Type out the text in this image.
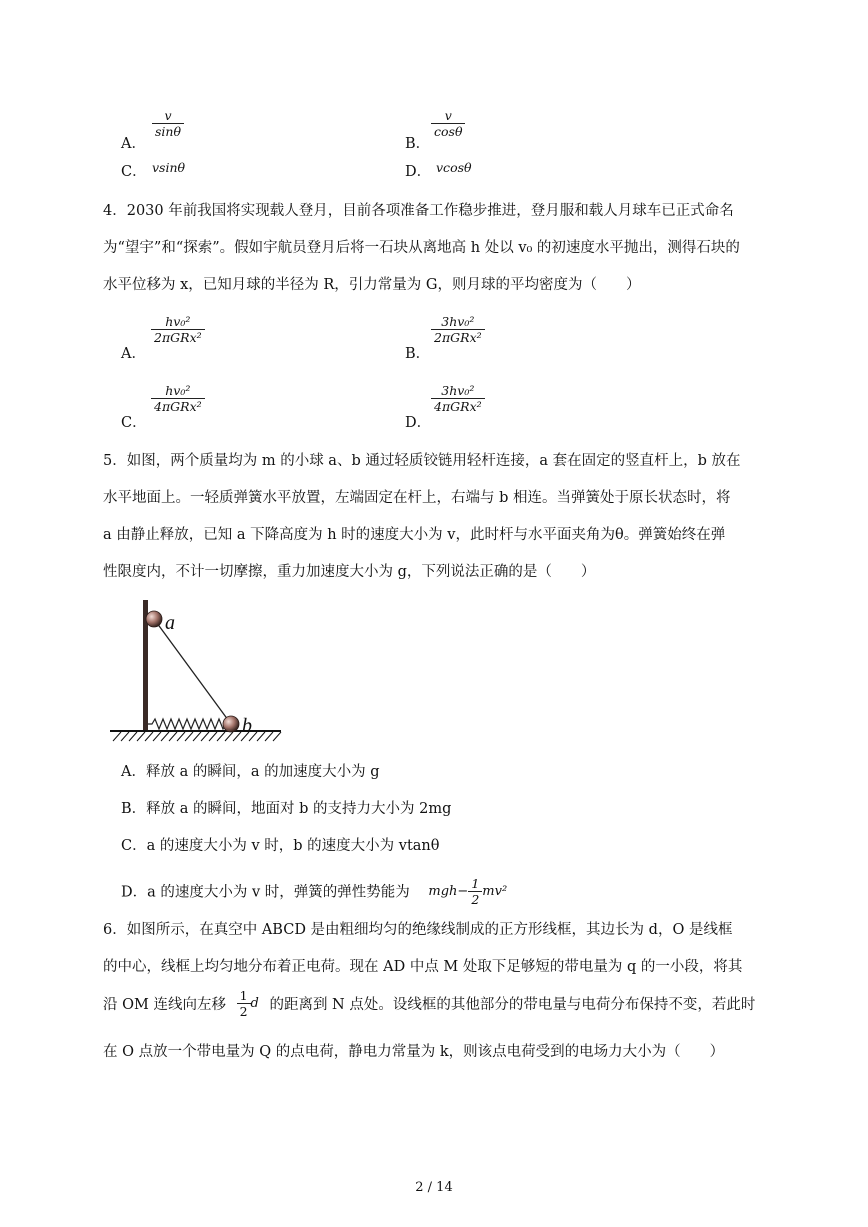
A．
$\frac{v}{\sin\theta}$
B．
$\frac{v}{\cos\theta}$
C． vsinθ	D． vcosθ
4．2030 年前我国将实现载人登月，目前各项准备工作稳步推进，登月服和载人月球车已正式命名
为“望宇”和“探索”。假如宇航员登月后将一石块从离地高 h 处以 v₀ 的初速度水平抛出，测得石块的
水平位移为 x，已知月球的半径为 R，引力常量为 G，则月球的平均密度为（　　）
A．
$\frac{\text{hv₀²}}{\text{2πGRx²}}$
B．
$\frac{\text{3hv₀²}}{\text{2πGRx²}}$
C．
$\frac{\text{hv₀²}}{\text{4πGRx²}}$
D．
$\frac{\text{3hv₀²}}{\text{4πGRx²}}$
5．如图，两个质量均为 m 的小球 a、b 通过轻质铰链用轻杆连接，a 套在固定的竖直杆上，b 放在
水平地面上。一轻质弹簧水平放置，左端固定在杆上，右端与 b 相连。当弹簧处于原长状态时，将
a 由静止释放，已知 a 下降高度为 h 时的速度大小为 v，此时杆与水平面夹角为θ。弹簧始终在弹
性限度内，不计一切摩擦，重力加速度大小为 g，下列说法正确的是（　　）
a
b
A．释放 a 的瞬间，a 的加速度大小为 g
B．释放 a 的瞬间，地面对 b 的支持力大小为 2mg
C．a 的速度大小为 v 时，b 的速度大小为 vtanθ
D．a 的速度大小为 v 时，弹簧的弹性势能为 $mgh- \frac{1}{2} mv^2$
6．如图所示，在真空中 ABCD 是由粗细均匀的绝缘线制成的正方形线框，其边长为 d，O 是线框
的中心，线框上均匀地分布着正电荷。现在 AD 中点 M 处取下足够短的带电量为 q 的一小段，将其
沿 OM 连线向左移 $\frac{1}{2}$ d 的距离到 N 点处。设线框的其他部分的带电量与电荷分布保持不变，若此时
在 O 点放一个带电量为 Q 的点电荷，静电力常量为 k，则该点电荷受到的电场力大小为（　　）
2 / 14
